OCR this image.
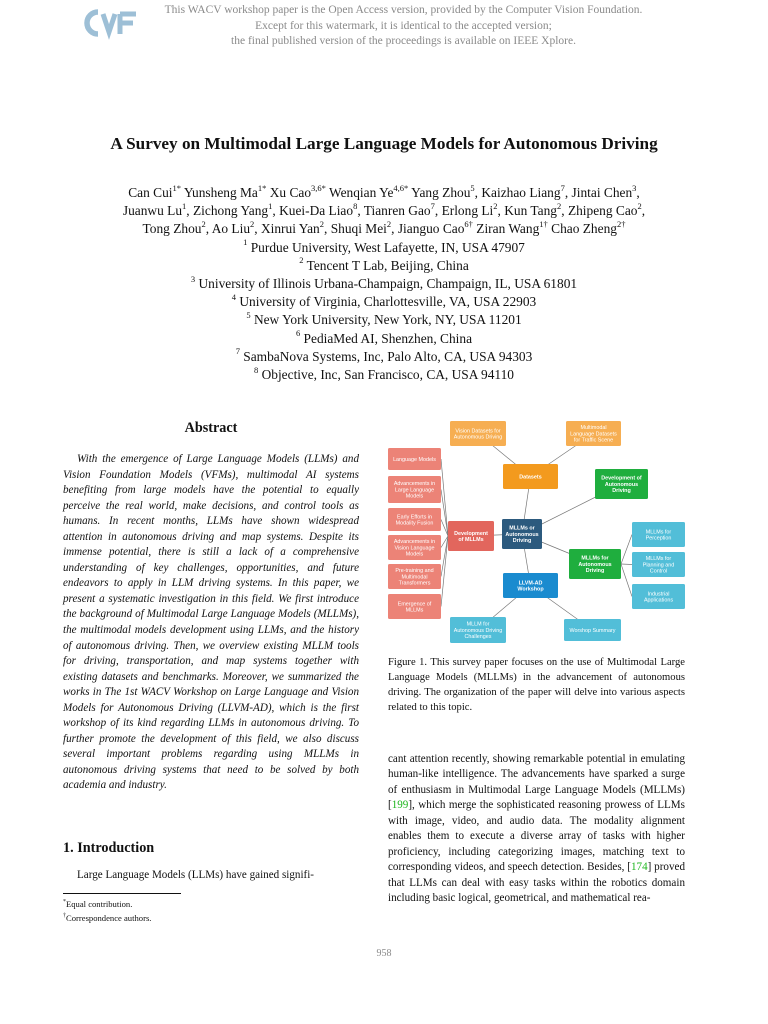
CvF	This WACV workshop paper is the Open Access version, provided by the Computer Vision Foundation.
Except for this watermark, it is identical to the accepted version;
the final published version of the proceedings is available on IEEE Xplore.
A Survey on Multimodal Large Language Models for Autonomous Driving
Can Cui$^{1*}$ Yunsheng $Ma^{1*}$ Xu Cao$^{3,6*}$ Wenqian $Ye^{4,6*}$ Yang Zhou$^5$, Kaizhao Liang$^7$, Jintai Chen$^3$,
Juanwu Lu$^1$, Zichong Yang$^1$, Kuei-Da Liao$^8$, Tianren Gao$^7$, Erlong Li$^2$, Kun Tang$^2$, Zhipeng Cao$^2$,
Tong Zhou$^2$, Ao Liu$^2$, Xinrui Yan$^2$, Shuqi Mei$^2$, Jianguo Cao$^{6\dagger}$ Ziran Wang$^{1\dagger}$ Chao Zheng$^{2\dagger}$
$^1$ Purdue University, West Lafayette, IN, USA 47907
$^2$ Tencent T Lab, Beijing, China
$^3$ University of Illinois Urbana-Champaign, Champaign, IL, USA 61801
$^4$ University of Virginia, Charlottesville, VA, USA 22903
$^5$ New York University, New York, NY, USA 11201
$^6$ PediaMed AI, Shenzhen, China
$^7$ SambaNova Systems, Inc, Palo Alto, CA, USA 94303
$^8$ Objective, Inc, San Francisco, CA, USA 94110
Abstract

With the emergence of Large Language Models (LLMs) and Vision Foundation Models (VFMs), multimodal AI systems benefiting from large models have the potential to equally perceive the real world, make decisions, and control tools as humans. In recent months, LLMs have shown widespread attention in autonomous driving and map systems. Despite its immense potential, there is still a lack of a comprehensive understanding of key challenges, opportunities, and future endeavors to apply in LLM driving systems. In this paper, we present a systematic investigation in this field. We first introduce the background of Multimodal Large Language Models (MLLMs), the multimodal models development using LLMs, and the history of autonomous driving. Then, we overview existing MLLM tools for driving, transportation, and map systems together with existing datasets and benchmarks. Moreover, we summarized the works in The 1st WACV Workshop on Large Language and Vision Models for Autonomous Driving (LLVM-AD), which is the first workshop of its kind regarding LLMs in autonomous driving. To further promote the development of this field, we also discuss several important problems regarding using MLLMs in autonomous driving systems that need to be solved by both academia and industry.

1. Introduction

Large Language Models (LLMs) have gained signifi-

*Equal contribution.
†Correspondence authors.
MLLMs or
Autonomous
Driving
Development
of MLLMs
Datasets	Development of
Autonomous
Driving
MLLMs for
Autonomous
Driving
LLVM-AD
Workshop
Vision Datasets for
Autonomous Driving
Multimodal
Language Datasets
for Traffic Scene
Language Models
Advancements in
Large Language
Models
Early Efforts in
Modality Fusion
Advancements in
Vision Language
Models
Pre-training and
Multimodal
Transformers
Emergence of
MLLMs
MLLMs for
Perception
MLLMs for
Planning and
Control
Industrial
Applications
MLLM for
Autonomous Driving
Challenges
Worshop Summary

Figure 1. This survey paper focuses on the use of Multimodal Large Language Models (MLLMs) in the advancement of autonomous driving. The organization of the paper will delve into various aspects related to this topic.

cant attention recently, showing remarkable potential in emulating human-like intelligence. The advancements have sparked a surge of enthusiasm in Multimodal Large Language Models (MLLMs) [199], which merge the sophisticated reasoning prowess of LLMs with image, video, and audio data. The modality alignment enables them to execute a diverse array of tasks with higher proficiency, including categorizing images, matching text to corresponding videos, and speech detection. Besides, [174] proved that LLMs can deal with easy tasks within the robotics domain including basic logical, geometrical, and mathematical rea-

958
